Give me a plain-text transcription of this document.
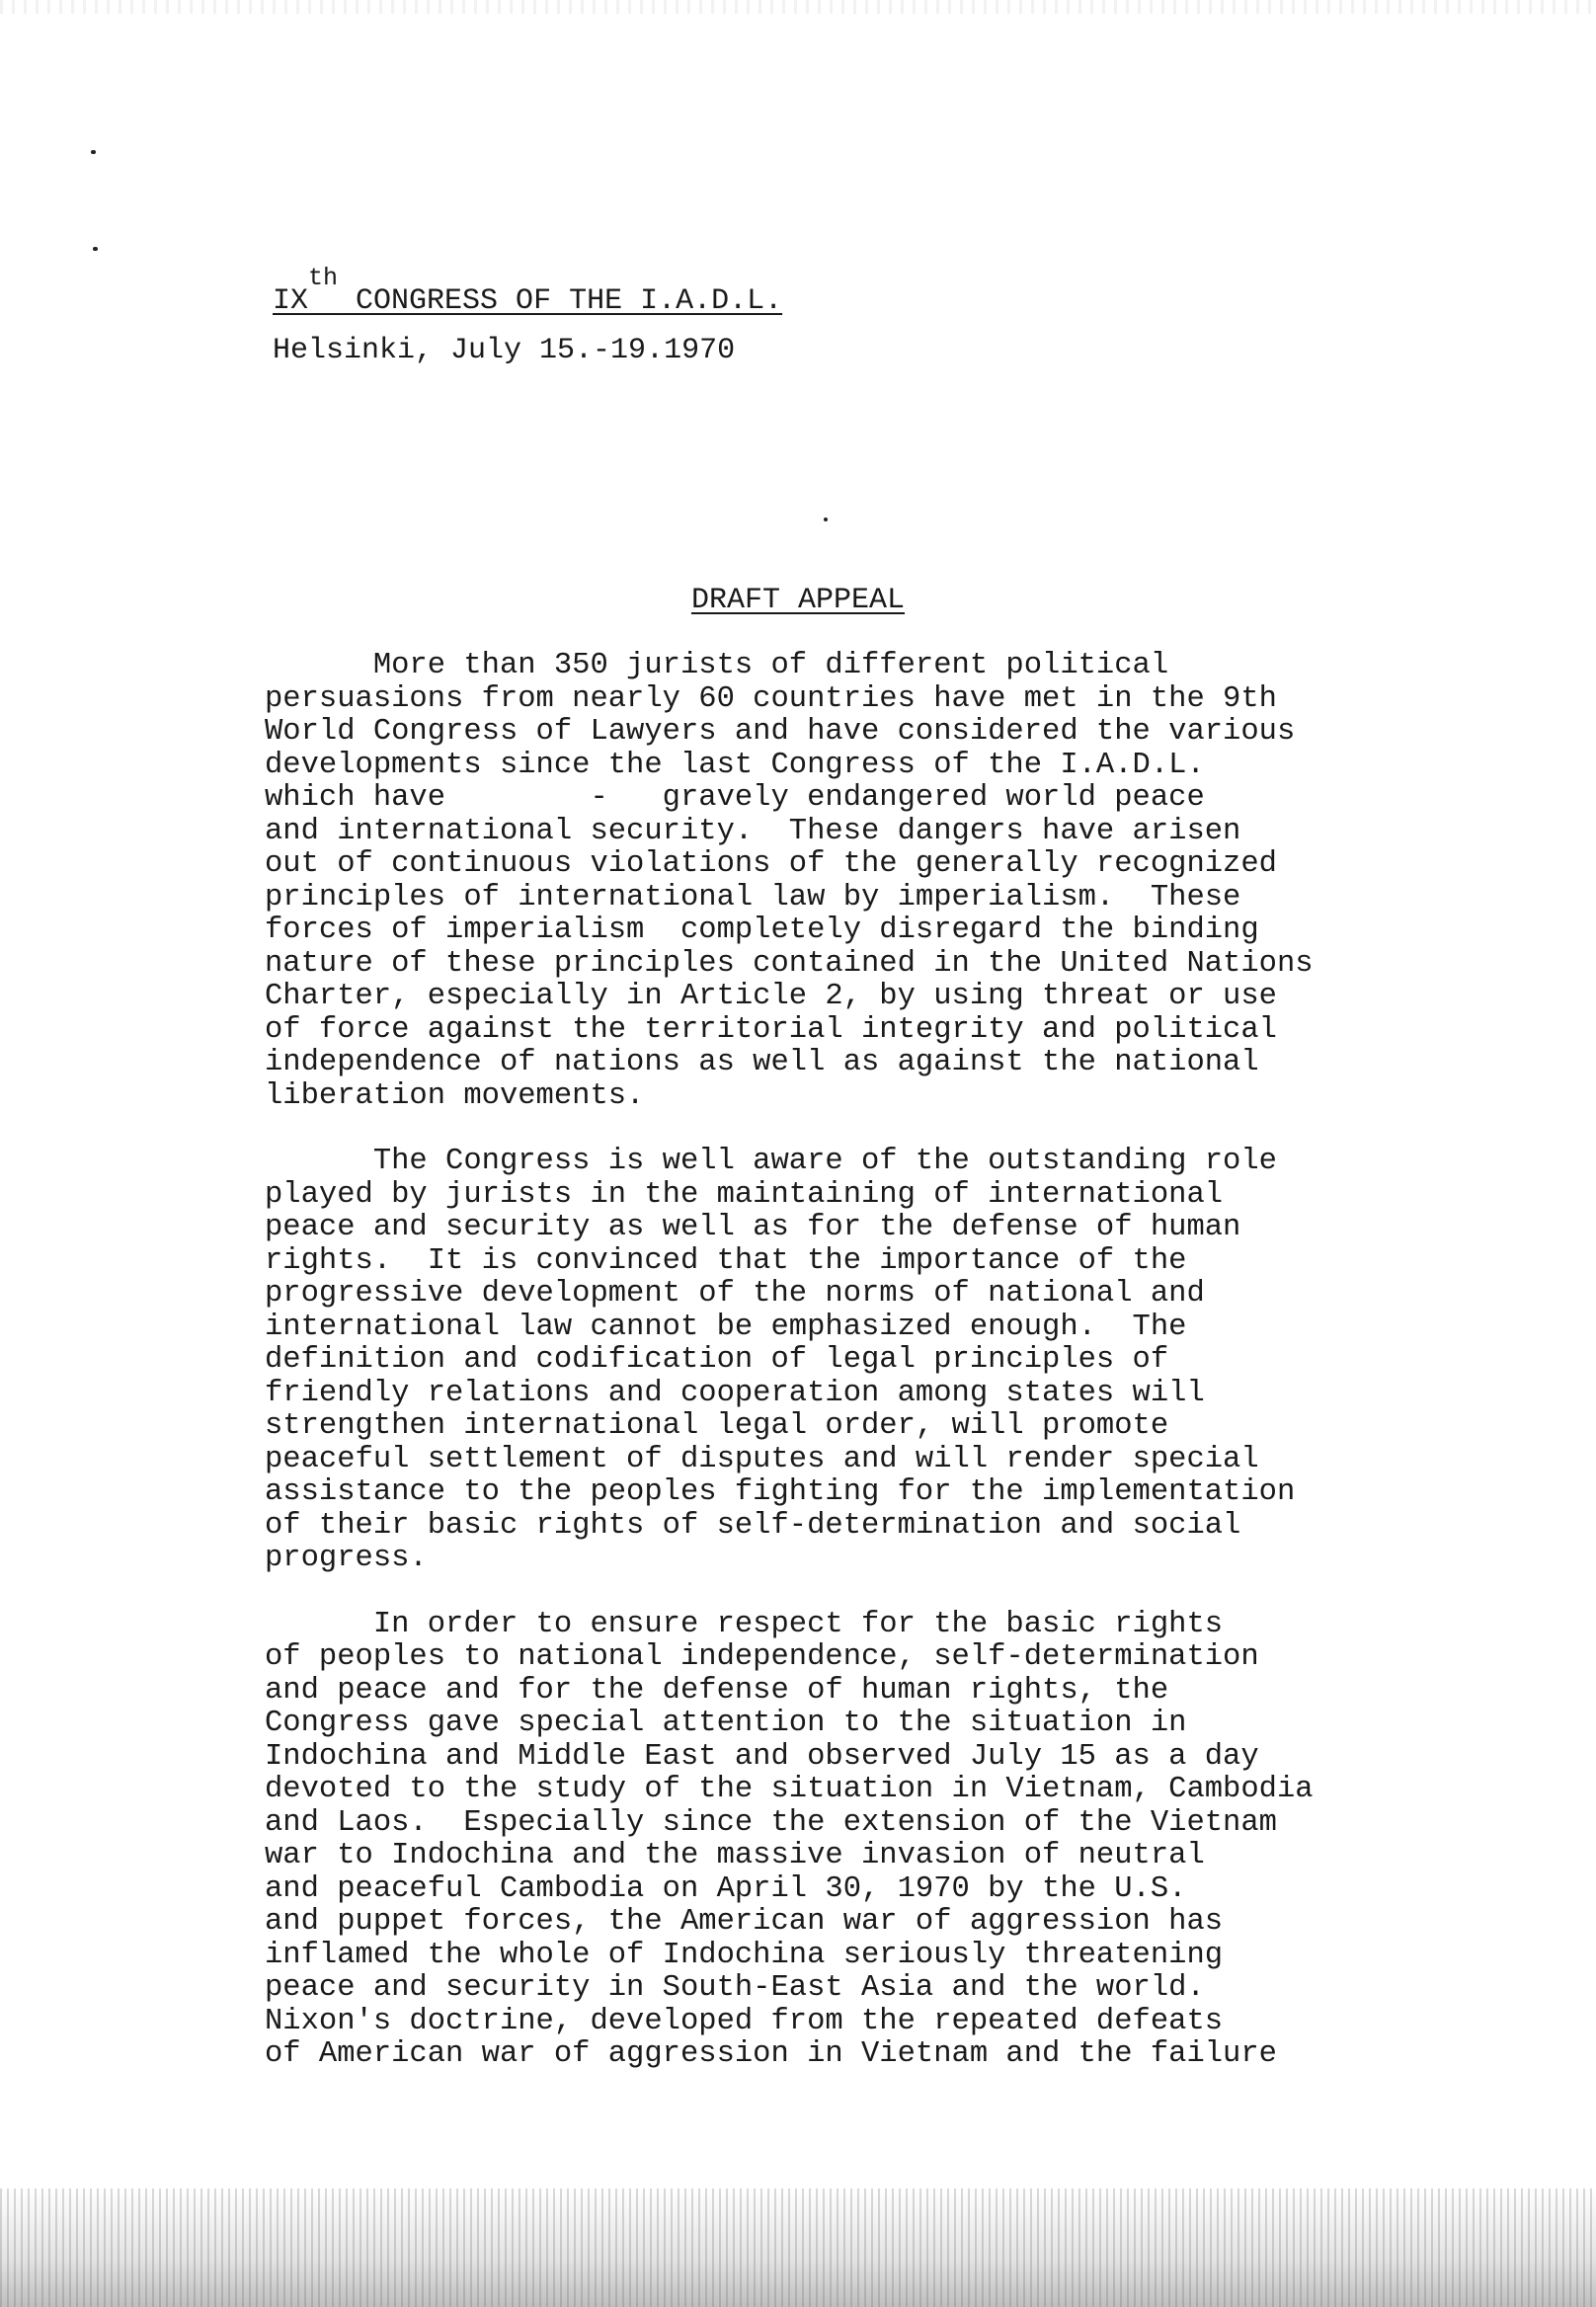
IXth CONGRESS OF THE I.A.D.L.
Helsinki, July 15.-19.1970
DRAFT APPEAL
More than 350 jurists of different political
persuasions from nearly 60 countries have met in the 9th
World Congress of Lawyers and have considered the various
developments since the last Congress of the I.A.D.L.
which have        -   gravely endangered world peace
and international security.  These dangers have arisen
out of continuous violations of the generally recognized
principles of international law by imperialism.  These
forces of imperialism  completely disregard the binding
nature of these principles contained in the United Nations
Charter, especially in Article 2, by using threat or use
of force against the territorial integrity and political
independence of nations as well as against the national
liberation movements.
The Congress is well aware of the outstanding role
played by jurists in the maintaining of international
peace and security as well as for the defense of human
rights.  It is convinced that the importance of the
progressive development of the norms of national and
international law cannot be emphasized enough.  The
definition and codification of legal principles of
friendly relations and cooperation among states will
strengthen international legal order, will promote
peaceful settlement of disputes and will render special
assistance to the peoples fighting for the implementation
of their basic rights of self-determination and social
progress.
In order to ensure respect for the basic rights
of peoples to national independence, self-determination
and peace and for the defense of human rights, the
Congress gave special attention to the situation in
Indochina and Middle East and observed July 15 as a day
devoted to the study of the situation in Vietnam, Cambodia
and Laos.  Especially since the extension of the Vietnam
war to Indochina and the massive invasion of neutral
and peaceful Cambodia on April 30, 1970 by the U.S.
and puppet forces, the American war of aggression has
inflamed the whole of Indochina seriously threatening
peace and security in South-East Asia and the world.
Nixon's doctrine, developed from the repeated defeats
of American war of aggression in Vietnam and the failure
